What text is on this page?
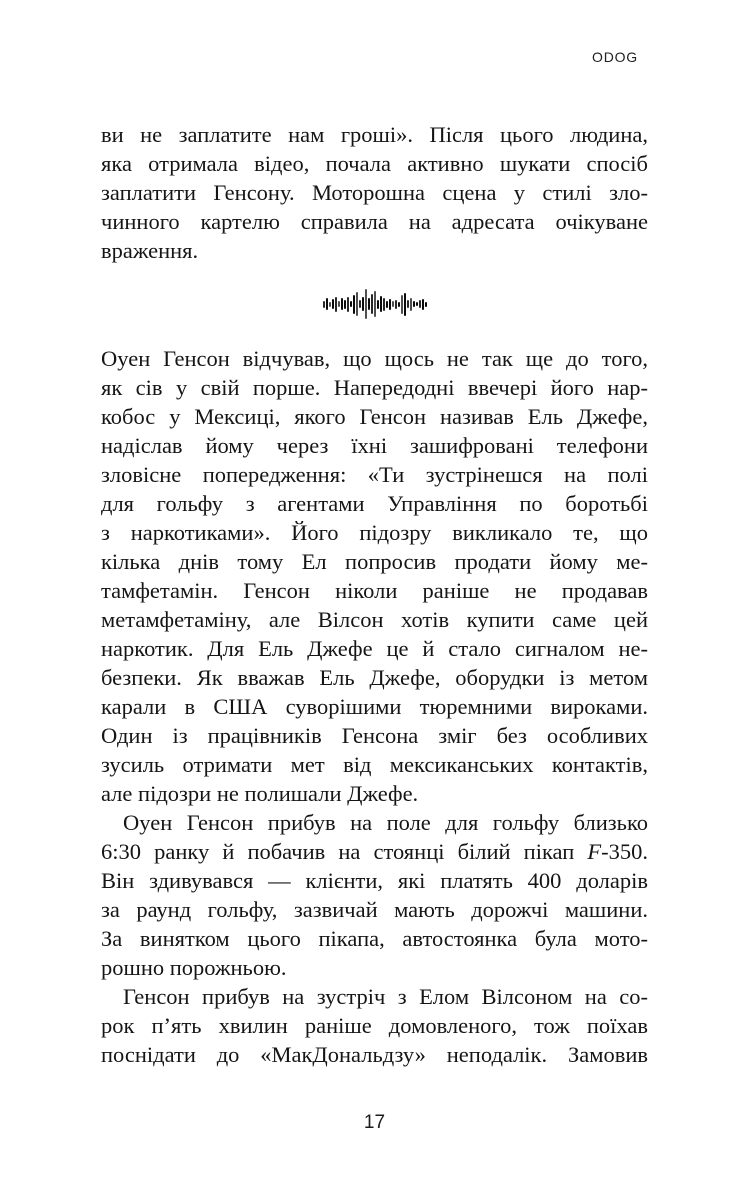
ODOG
ви не заплатите нам гроші». Після цього людина,
яка отримала відео, почала активно шукати спосіб
заплатити Генсону. Моторошна сцена у стилі зло-
чинного картелю справила на адресата очікуване
враження.
Оуен Генсон відчував, що щось не так ще до того,
як сів у свій порше. Напередодні ввечері його нар-
кобос у Мексиці, якого Генсон називав Ель Джефе,
надіслав йому через їхні зашифровані телефони
зловісне попередження: «Ти зустрінешся на полі
для гольфу з агентами Управління по боротьбі
з наркотиками». Його підозру викликало те, що
кілька днів тому Ел попросив продати йому ме-
тамфетамін. Генсон ніколи раніше не продавав
метамфетаміну, але Вілсон хотів купити саме цей
наркотик. Для Ель Джефе це й стало сигналом не-
безпеки. Як вважав Ель Джефе, оборудки із метом
карали в США суворішими тюремними вироками.
Один із працівників Генсона зміг без особливих
зусиль отримати мет від мексиканських контактів,
але підозри не полишали Джефе.
Оуен Генсон прибув на поле для гольфу близько
6:30 ранку й побачив на стоянці білий пікап F-350.
Він здивувався — клієнти, які платять 400 доларів
за раунд гольфу, зазвичай мають дорожчі машини.
За винятком цього пікапа, автостоянка була мото-
рошно порожньою.
Генсон прибув на зустріч з Елом Вілсоном на со-
рок п’ять хвилин раніше домовленого, тож поїхав
поснідати до «МакДональдзу» неподалік. Замовив
17
